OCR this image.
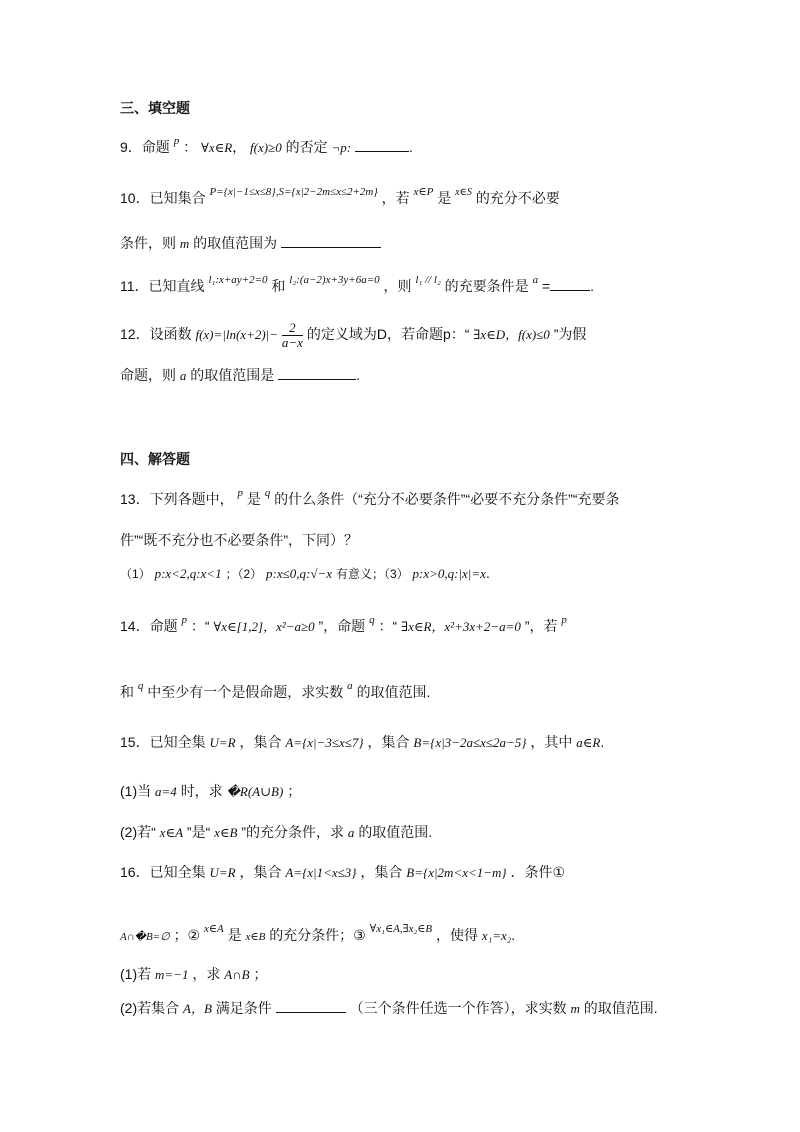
三、填空题
9．命题 $^p$ ： ∀x∈R， f(x)≥0 的否定 ¬p:	.
10．已知集合 $^{P=\{x|-1\le x\le 8\},S=\{x|2-2m\le x\le 2+2m\}}$ ，若 $^{x\in P}$ 是 $^{x\in S}$ 的充分不必要
条件，则 m 的取值范围为
11．已知直线 $^{l_1:x+ay+2=0}$ 和 $^{l_2:(a-2)x+3y+6a=0}$ ，则 $^{l_1 // l_2}$ 的充要条件是 $^a$ =	.
12．设函数 $f(x)=|\ln(x+2)|- \frac{2}{a-x}$ 的定义域为D，若命题p：“ ∃x∈D，f(x)≤0 ”为假
命题，则 a 的取值范围是	.
四、解答题
13．下列各题中， $^p$ 是 $^q$ 的什么条件（“充分不必要条件”“必要不充分条件”“充要条
件”“既不充分也不必要条件”，下同）？
（1） p:x<2,q:x<1 ；（2） p:x≤0,q:√−x 有意义；（3） p:x>0,q:|x|=x.
14．命题 $^p$ ：“ ∀x∈[1,2]，x²−a≥0 ”，命题 $^q$ ：“ ∃x∈R，x²+3x+2−a=0 ”，若 $^p$
和 $^q$ 中至少有一个是假命题，求实数 $^a$ 的取值范围.
15．已知全集 U=R ，集合 A={x|−3≤x≤7} ，集合 B={x|3−2a≤x≤2a−5} ，其中 a∈R.
(1)当 a=4 时，求 �R(A∪B) ；
(2)若“ x∈A ”是“ x∈B ”的充分条件，求 a 的取值范围.
16．已知全集 U=R ，集合 A={x|1<x≤3} ，集合 B={x|2m<x<1−m} ．条件①
A∩�B=∅ ；② $^{x\in A}$ 是 x∈B 的充分条件；③ $^{\forall x_1\in A,\exists x_2\in B}$ ，使得 x₁=x₂.
(1)若 m=−1 ，求 A∩B ；
(2)若集合 A，B 满足条件	（三个条件任选一个作答），求实数 m 的取值范围.
